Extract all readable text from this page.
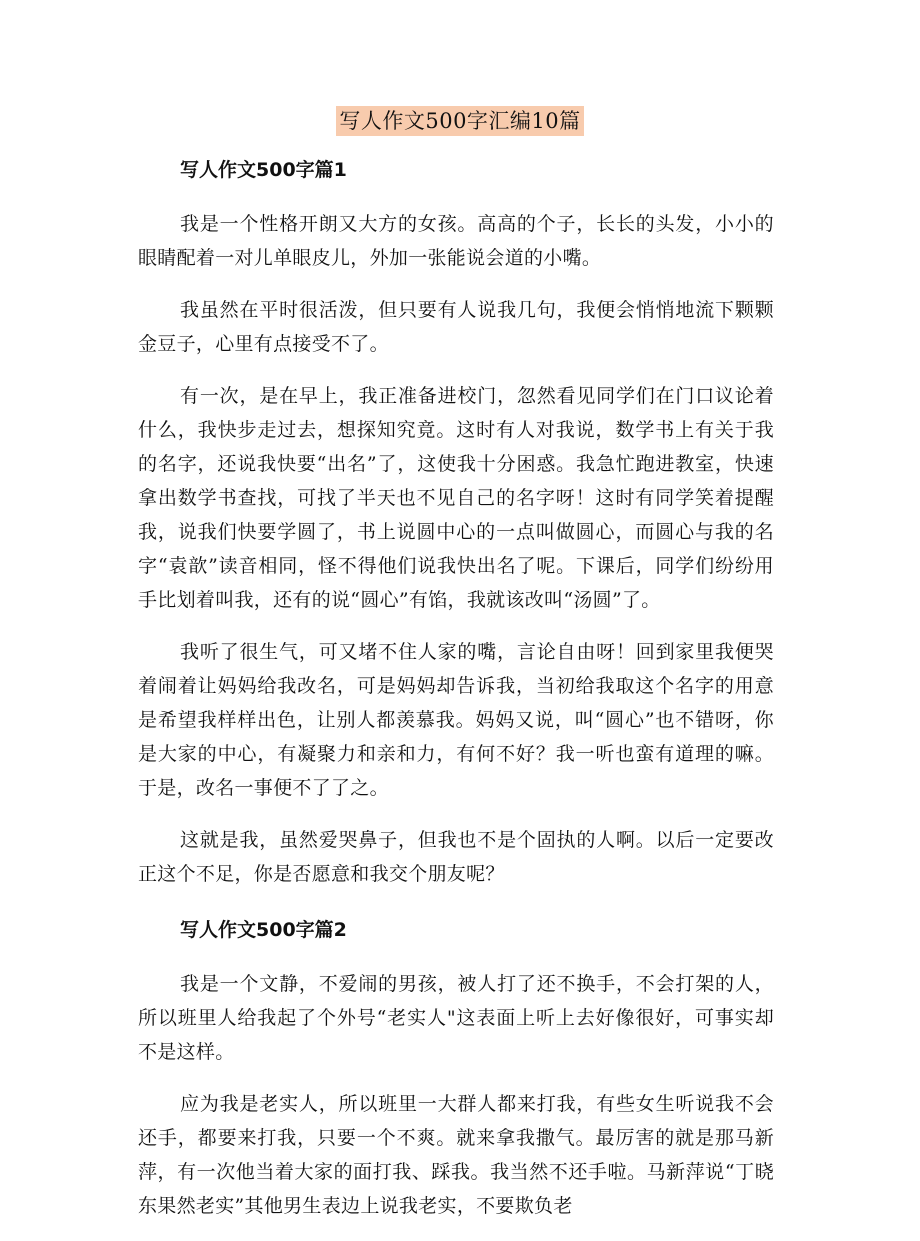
写人作文500字汇编10篇
写人作文500字篇1

我是一个性格开朗又大方的女孩。高高的个子，长长的头发，小小的眼睛配着一对儿单眼皮儿，外加一张能说会道的小嘴。

我虽然在平时很活泼，但只要有人说我几句，我便会悄悄地流下颗颗金豆子，心里有点接受不了。

有一次，是在早上，我正准备进校门，忽然看见同学们在门口议论着什么，我快步走过去，想探知究竟。这时有人对我说，数学书上有关于我的名字，还说我快要“出名”了，这使我十分困惑。我急忙跑进教室，快速拿出数学书查找，可找了半天也不见自己的名字呀！这时有同学笑着提醒我，说我们快要学圆了，书上说圆中心的一点叫做圆心，而圆心与我的名字“袁歆”读音相同，怪不得他们说我快出名了呢。下课后，同学们纷纷用手比划着叫我，还有的说“圆心”有馅，我就该改叫“汤圆”了。

我听了很生气，可又堵不住人家的嘴，言论自由呀！回到家里我便哭着闹着让妈妈给我改名，可是妈妈却告诉我，当初给我取这个名字的用意是希望我样样出色，让别人都羡慕我。妈妈又说，叫“圆心”也不错呀，你是大家的中心，有凝聚力和亲和力，有何不好？我一听也蛮有道理的嘛。于是，改名一事便不了了之。

这就是我，虽然爱哭鼻子，但我也不是个固执的人啊。以后一定要改正这个不足，你是否愿意和我交个朋友呢？

写人作文500字篇2

我是一个文静，不爱闹的男孩，被人打了还不换手，不会打架的人，所以班里人给我起了个外号“老实人"这表面上听上去好像很好，可事实却不是这样。

应为我是老实人，所以班里一大群人都来打我，有些女生听说我不会还手，都要来打我，只要一个不爽。就来拿我撒气。最厉害的就是那马新萍，有一次他当着大家的面打我、踩我。我当然不还手啦。马新萍说“丁晓东果然老实”其他男生表边上说我老实，不要欺负老
